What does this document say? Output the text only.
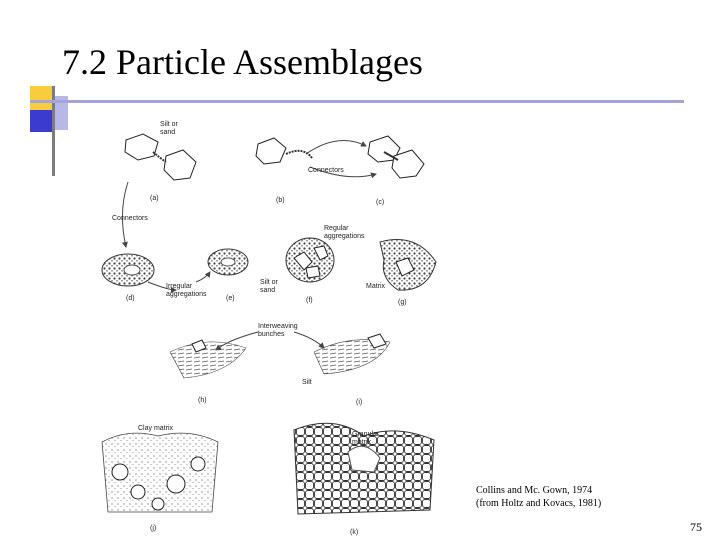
7.2 Particle Assemblages
Silt or
sand
(a)
Connectors
(b)	(c)
Connectors
Irregular
aggregations
(d)	(e)
Regular
aggregations
Silt or
sand
(f)
Matrix
(g)
Interweaving
bunches
Silt
(h)	(i)
Clay matrix
(j)
Granular
matrix
(k)
Collins and Mc. Gown, 1974
(from Holtz and Kovacs, 1981)
75
